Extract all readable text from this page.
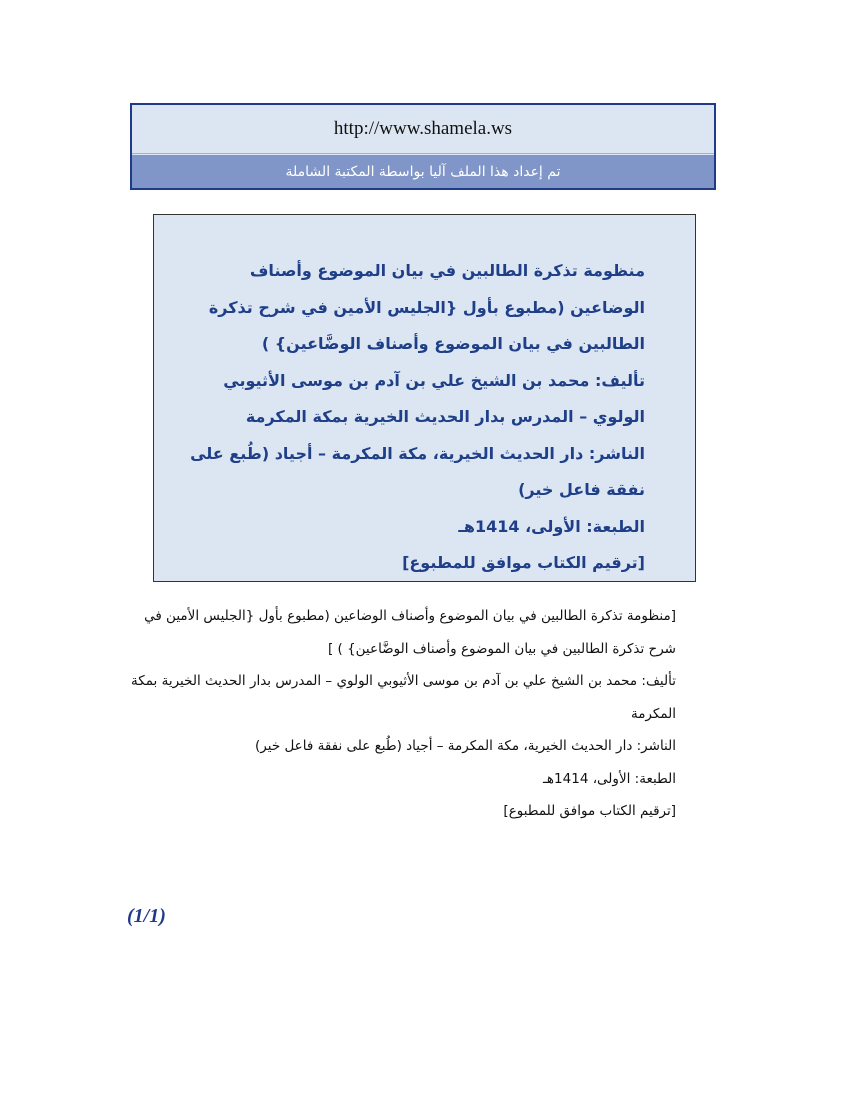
http://www.shamela.ws
تم إعداد هذا الملف آليا بواسطة المكتبة الشاملة

منظومة تذكرة الطالبين في بيان الموضوع وأصناف الوضاعين (مطبوع بأول {الجليس الأمين في شرح تذكرة الطالبين في بيان الموضوع وأصناف الوضَّاعين} )

تأليف: محمد بن الشيخ علي بن آدم بن موسى الأثيوبي الولوي – المدرس بدار الحديث الخيرية بمكة المكرمة

الناشر: دار الحديث الخيرية، مكة المكرمة – أجياد (طُبع على نفقة فاعل خير)

الطبعة: الأولى، 1414هـ

[ترقيم الكتاب موافق للمطبوع]

[منظومة تذكرة الطالبين في بيان الموضوع وأصناف الوضاعين (مطبوع بأول {الجليس الأمين في شرح تذكرة الطالبين في بيان الموضوع وأصناف الوضَّاعين} ) ]

تأليف: محمد بن الشيخ علي بن آدم بن موسى الأثيوبي الولوي – المدرس بدار الحديث الخيرية بمكة المكرمة

الناشر: دار الحديث الخيرية، مكة المكرمة – أجياد (طُبع على نفقة فاعل خير)

الطبعة: الأولى، 1414هـ

[ترقيم الكتاب موافق للمطبوع]

(1/1)
